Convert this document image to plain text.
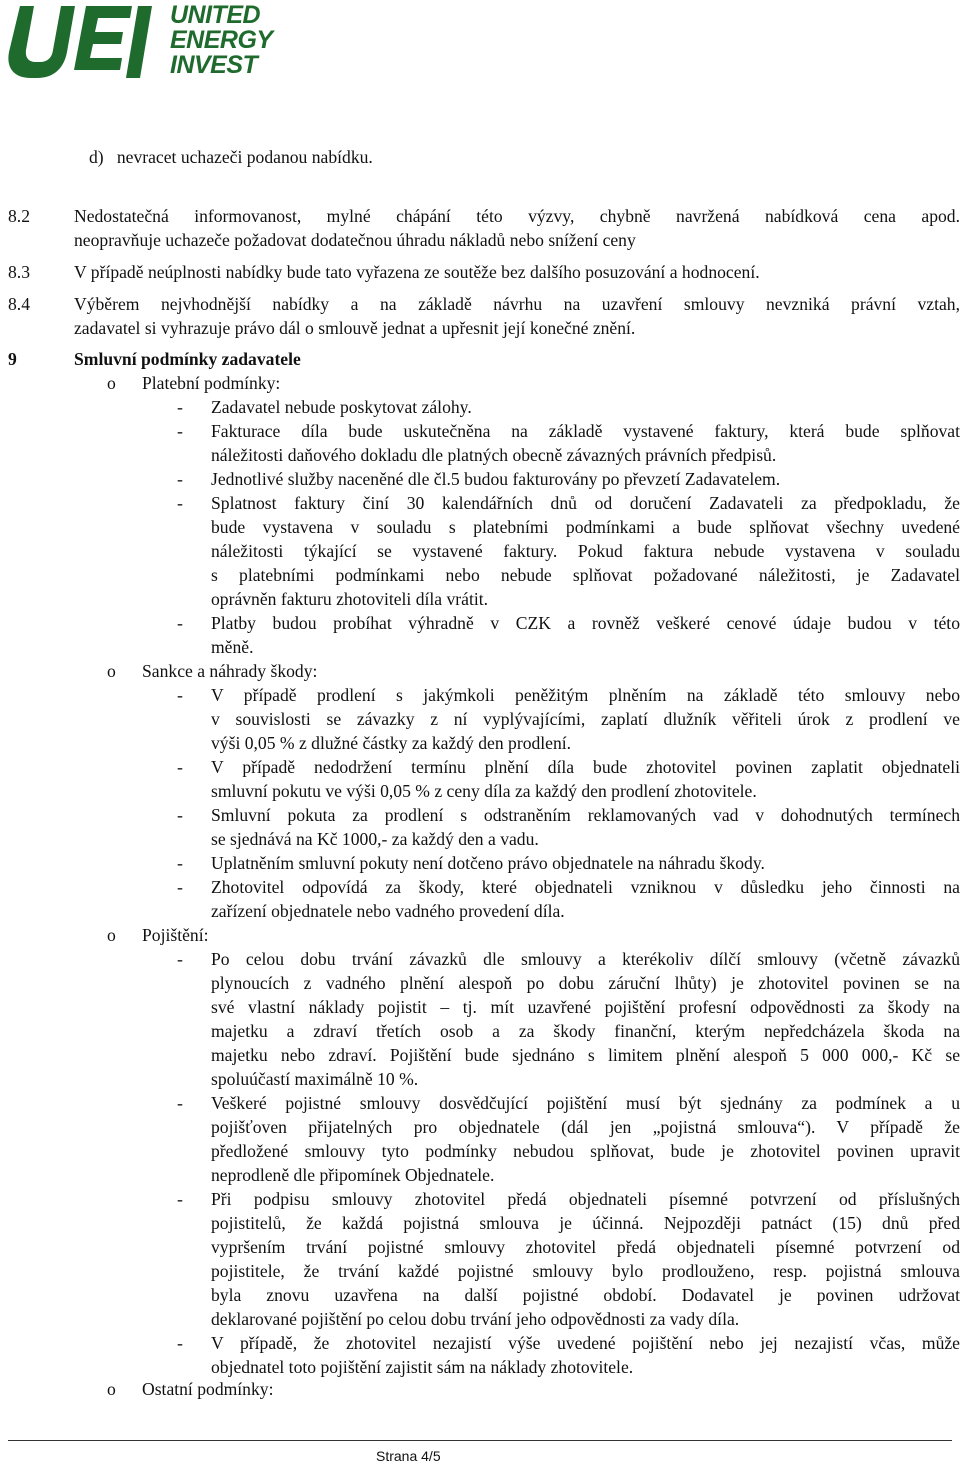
UNITED
ENERGY
INVEST
d)   nevracet uchazeči podanou nabídku.
8.2	Nedostatečná informovanost, mylné chápání této výzvy, chybně navržená nabídková cena apod.
neopravňuje uchazeče požadovat dodatečnou úhradu nákladů nebo snížení ceny
8.3	V případě neúplnosti nabídky bude tato vyřazena ze soutěže bez dalšího posuzování a hodnocení.
8.4	Výběrem nejvhodnější nabídky a na základě návrhu na uzavření smlouvy nevzniká právní vztah,
zadavatel si vyhrazuje právo dál o smlouvě jednat a upřesnit její konečné znění.
9	Smluvní podmínky zadavatele
o Platební podmínky:
- Zadavatel nebude poskytovat zálohy.
- Fakturace díla bude uskutečněna na základě vystavené faktury, která bude splňovat
náležitosti daňového dokladu dle platných obecně závazných právních předpisů.
- Jednotlivé služby naceněné dle čl.5 budou fakturovány po převzetí Zadavatelem.
- Splatnost faktury činí 30 kalendářních dnů od doručení Zadavateli za předpokladu, že
bude vystavena v souladu s platebními podmínkami a bude splňovat všechny uvedené
náležitosti týkající se vystavené faktury. Pokud faktura nebude vystavena v souladu
s platebními podmínkami nebo nebude splňovat požadované náležitosti, je Zadavatel
oprávněn fakturu zhotoviteli díla vrátit.
- Platby budou probíhat výhradně v CZK a rovněž veškeré cenové údaje budou v této
měně.
o Sankce a náhrady škody:
- V případě prodlení s jakýmkoli peněžitým plněním na základě této smlouvy nebo
v souvislosti se závazky z ní vyplývajícími, zaplatí dlužník věřiteli úrok z prodlení ve
výši 0,05 % z dlužné částky za každý den prodlení.
- V případě nedodržení termínu plnění díla bude zhotovitel povinen zaplatit objednateli
smluvní pokutu ve výši 0,05 % z ceny díla za každý den prodlení zhotovitele.
- Smluvní pokuta za prodlení s odstraněním reklamovaných vad v dohodnutých termínech
se sjednává na Kč 1000,- za každý den a vadu.
- Uplatněním smluvní pokuty není dotčeno právo objednatele na náhradu škody.
- Zhotovitel odpovídá za škody, které objednateli vzniknou v důsledku jeho činnosti na
zařízení objednatele nebo vadného provedení díla.
o Pojištění:
- Po celou dobu trvání závazků dle smlouvy a kterékoliv dílčí smlouvy (včetně závazků
plynoucích z vadného plnění alespoň po dobu záruční lhůty) je zhotovitel povinen se na
své vlastní náklady pojistit – tj. mít uzavřené pojištění profesní odpovědnosti za škody na
majetku a zdraví třetích osob a za škody finanční, kterým nepředcházela škoda na
majetku nebo zdraví. Pojištění bude sjednáno s limitem plnění alespoň 5 000 000,- Kč se
spoluúčastí maximálně 10 %.
- Veškeré pojistné smlouvy dosvědčující pojištění musí být sjednány za podmínek a u
pojišťoven přijatelných pro objednatele (dál jen „pojistná smlouva“). V případě že
předložené smlouvy tyto podmínky nebudou splňovat, bude je zhotovitel povinen upravit
neprodleně dle připomínek Objednatele.
- Při podpisu smlouvy zhotovitel předá objednateli písemné potvrzení od příslušných
pojistitelů, že každá pojistná smlouva je účinná. Nejpozději patnáct (15) dnů před
vypršením trvání pojistné smlouvy zhotovitel předá objednateli písemné potvrzení od
pojistitele, že trvání každé pojistné smlouvy bylo prodlouženo, resp. pojistná smlouva
byla znovu uzavřena na další pojistné období. Dodavatel je povinen udržovat
deklarované pojištění po celou dobu trvání jeho odpovědnosti za vady díla.
- V případě, že zhotovitel nezajistí výše uvedené pojištění nebo jej nezajistí včas, může
objednatel toto pojištění zajistit sám na náklady zhotovitele.
o Ostatní podmínky:
Strana 4/5
